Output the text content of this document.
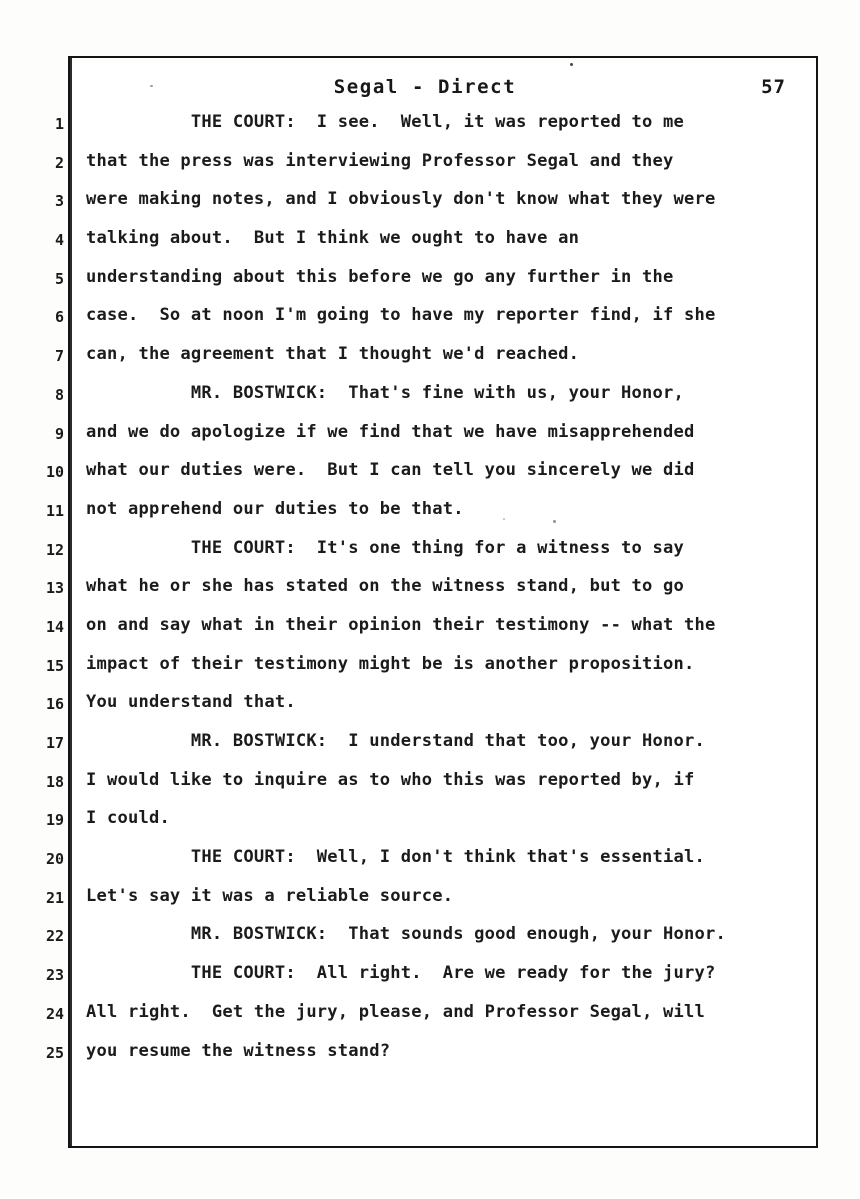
Segal - Direct	57
1 THE COURT:  I see.  Well, it was reported to me
2 that the press was interviewing Professor Segal and they
3 were making notes, and I obviously don't know what they were
4 talking about.  But I think we ought to have an
5 understanding about this before we go any further in the
6 case.  So at noon I'm going to have my reporter find, if she
7 can, the agreement that I thought we'd reached.
8 MR. BOSTWICK:  That's fine with us, your Honor,
9 and we do apologize if we find that we have misapprehended
10 what our duties were.  But I can tell you sincerely we did
11 not apprehend our duties to be that.
12 THE COURT:  It's one thing for a witness to say
13 what he or she has stated on the witness stand, but to go
14 on and say what in their opinion their testimony -- what the
15 impact of their testimony might be is another proposition.
16 You understand that.
17 MR. BOSTWICK:  I understand that too, your Honor.
18 I would like to inquire as to who this was reported by, if
19 I could.
20 THE COURT:  Well, I don't think that's essential.
21 Let's say it was a reliable source.
22 MR. BOSTWICK:  That sounds good enough, your Honor.
23 THE COURT:  All right.  Are we ready for the jury?
24 All right.  Get the jury, please, and Professor Segal, will
25 you resume the witness stand?
